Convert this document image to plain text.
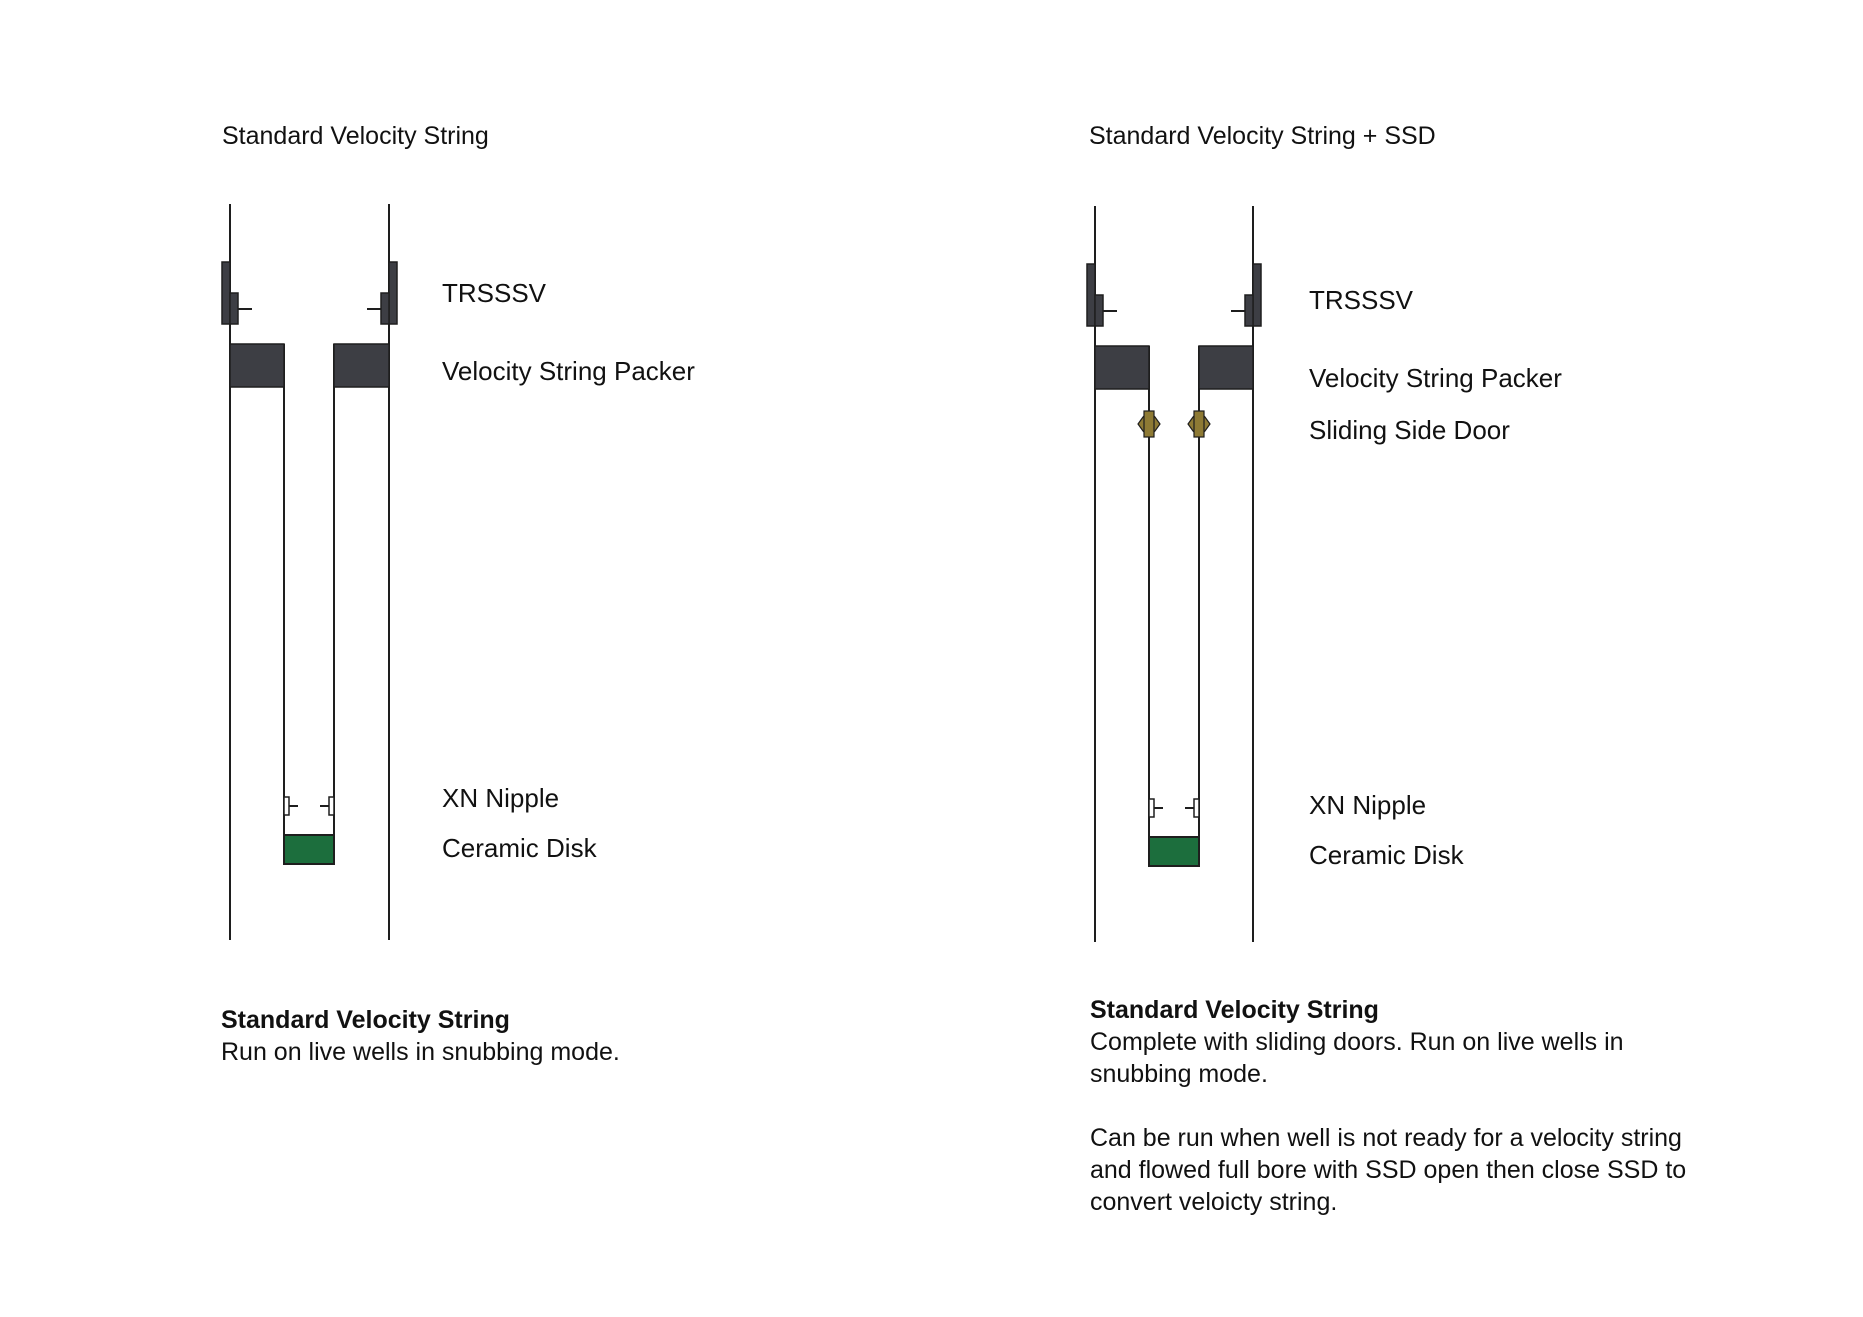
Standard Velocity String
TRSSSV
Velocity String Packer
XN Nipple
Ceramic Disk
Standard Velocity String
Run on live wells in snubbing mode.
Standard Velocity String + SSD
TRSSSV
Velocity String Packer
Sliding Side Door
XN Nipple
Ceramic Disk
Standard Velocity String
Complete with sliding doors. Run on live wells in snubbing mode.
Can be run when well is not ready for a velocity string and flowed full bore with SSD open then close SSD to convert veloicty string.
